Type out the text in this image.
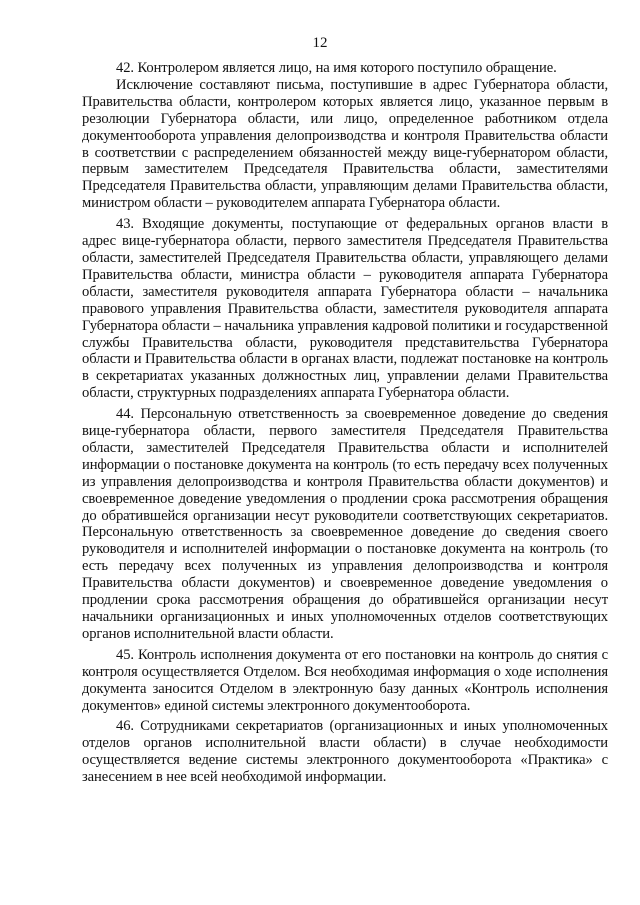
12

42. Контролером является лицо, на имя которого поступило обращение.

Исключение составляют письма, поступившие в адрес Губернатора области, Правительства области, контролером которых является лицо, указанное первым в резолюции Губернатора области, или лицо, определенное работником отдела документооборота управления делопроизводства и контроля Правительства области в соответствии с распределением обязанностей между вице-губернатором области, первым заместителем Председателя Правительства области, заместителями Председателя Правительства области, управляющим делами Правительства области, министром области – руководителем аппарата Губернатора области.

43. Входящие документы, поступающие от федеральных органов власти в адрес вице-губернатора области, первого заместителя Председателя Правительства области, заместителей Председателя Правительства области, управляющего делами Правительства области, министра области – руководителя аппарата Губернатора области, заместителя руководителя аппарата Губернатора области – начальника правового управления Правительства области, заместителя руководителя аппарата Губернатора области – начальника управления кадровой политики и государственной службы Правительства области, руководителя представительства Губернатора области и Правительства области в органах власти, подлежат постановке на контроль в секретариатах указанных должностных лиц, управлении делами Правительства области, структурных подразделениях аппарата Губернатора области.

44. Персональную ответственность за своевременное доведение до сведения вице-губернатора области, первого заместителя Председателя Правительства области, заместителей Председателя Правительства области и исполнителей информации о постановке документа на контроль (то есть передачу всех полученных из управления делопроизводства и контроля Правительства области документов) и своевременное доведение уведомления о продлении срока рассмотрения обращения до обратившейся организации несут руководители соответствующих секретариатов. Персональную ответственность за своевременное доведение до сведения своего руководителя и исполнителей информации о постановке документа на контроль (то есть передачу всех полученных из управления делопроизводства и контроля Правительства области документов) и своевременное доведение уведомления о продлении срока рассмотрения обращения до обратившейся организации несут начальники организационных и иных уполномоченных отделов соответствующих органов исполнительной власти области.

45. Контроль исполнения документа от его постановки на контроль до снятия с контроля осуществляется Отделом. Вся необходимая информация о ходе исполнения документа заносится Отделом в электронную базу данных «Контроль исполнения документов» единой системы электронного документооборота.

46. Сотрудниками секретариатов (организационных и иных уполномоченных отделов органов исполнительной власти области) в случае необходимости осуществляется ведение системы электронного документооборота «Практика» с занесением в нее всей необходимой информации.
